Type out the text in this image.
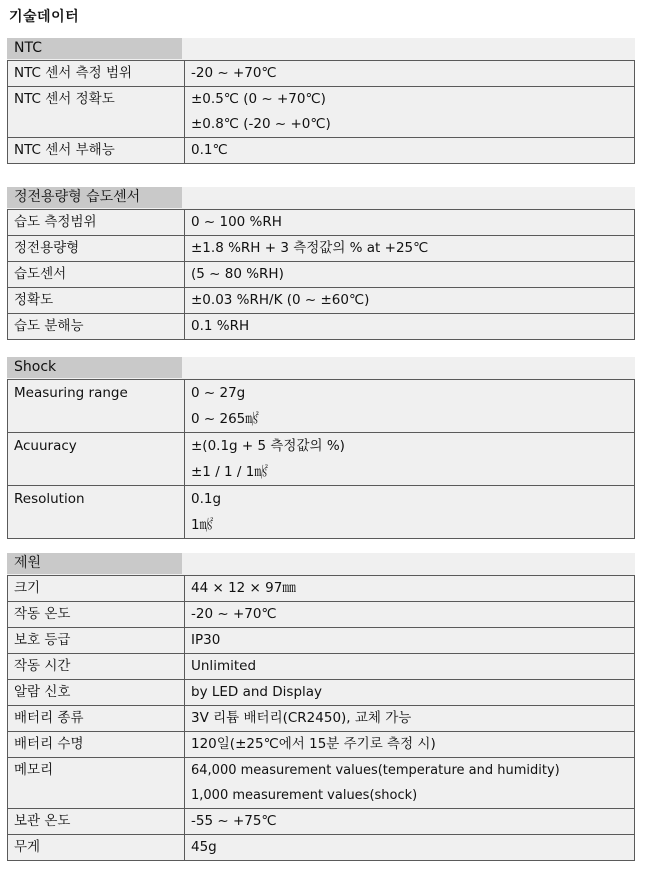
기술데이터
NTC
NTC 센서 측정 범위	-20 ~ +70℃

NTC 센서 정확도	±0.5℃ (0 ~ +70℃)
±0.8℃ (-20 ~ +0℃)

NTC 센서 부해능	0.1℃
정전용량형 습도센서
습도 측정범위	0 ~ 100 %RH

정전용량형	±1.8 %RH + 3 측정값의 % at +25℃

습도센서	(5 ~ 80 %RH)

정확도	±0.03 %RH/K (0 ~ ±60℃)

습도 분해능	0.1 %RH
Shock
Measuring range	0 ~ 27g
0 ~ 265㎨

Acuuracy	±(0.1g + 5 측정값의 %)
±1 / 1 / 1㎨

Resolution	0.1g
1㎨
제원
크기	44 × 12 × 97㎜

작동 온도	-20 ~ +70℃

보호 등급	IP30

작동 시간	Unlimited

알람 신호	by LED and Display

배터리 종류	3V 리튬 배터리(CR2450), 교체 가능

배터리 수명	120일(±25℃에서 15분 주기로 측정 시)

메모리	64,000 measurement values(temperature and humidity)
1,000 measurement values(shock)

보관 온도	-55 ~ +75℃

무게	45g
